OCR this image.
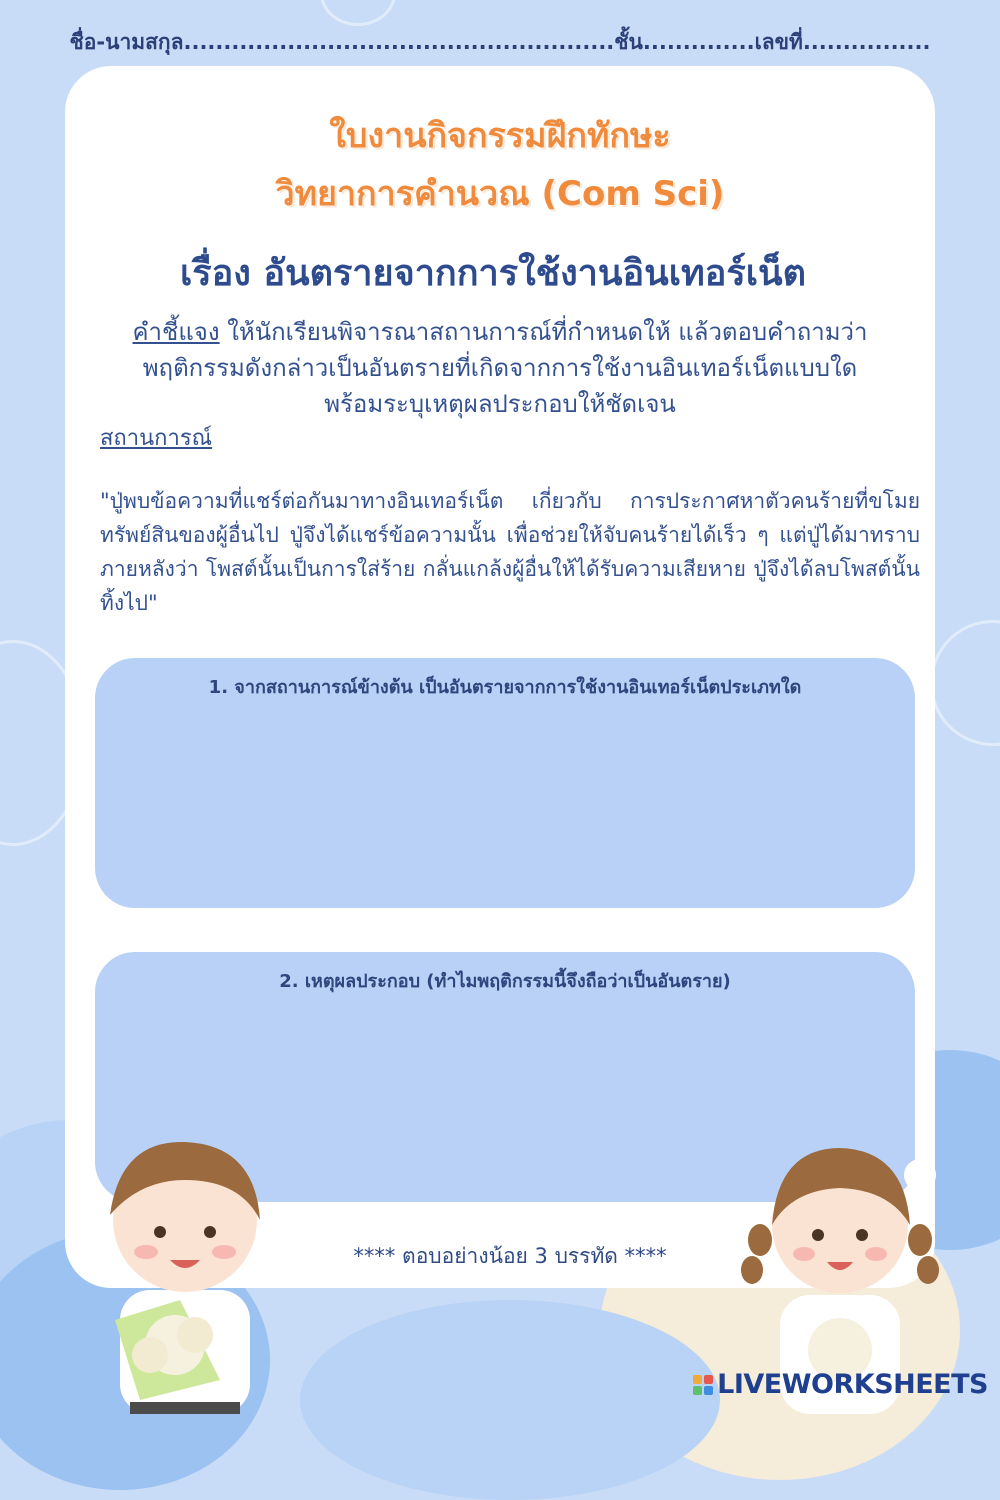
ชื่อ-นามสกุล......................................................ชั้น..............เลขที่................
ใบงานกิจกรรมฝึกทักษะ
วิทยาการคำนวณ (Com Sci)
เรื่อง อันตรายจากการใช้งานอินเทอร์เน็ต
คำชี้แจง ให้นักเรียนพิจารณาสถานการณ์ที่กำหนดให้ แล้วตอบคำถามว่า
พฤติกรรมดังกล่าวเป็นอันตรายที่เกิดจากการใช้งานอินเทอร์เน็ตแบบใด
พร้อมระบุเหตุผลประกอบให้ชัดเจน
สถานการณ์
"ปู่พบข้อความที่แชร์ต่อกันมาทางอินเทอร์เน็ต เกี่ยวกับ การประกาศหาตัวคนร้ายที่ขโมยทรัพย์สินของผู้อื่นไป ปู่จึงได้แชร์ข้อความนั้น เพื่อช่วยให้จับคนร้ายได้เร็ว ๆ แต่ปู่ได้มาทราบภายหลังว่า โพสต์นั้นเป็นการใส่ร้าย กลั่นแกล้งผู้อื่นให้ได้รับความเสียหาย ปู่จึงได้ลบโพสต์นั้นทิ้งไป"
1. จากสถานการณ์ข้างต้น เป็นอันตรายจากการใช้งานอินเทอร์เน็ตประเภทใด
2. เหตุผลประกอบ (ทำไมพฤติกรรมนี้จึงถือว่าเป็นอันตราย)
**** ตอบอย่างน้อย 3 บรรทัด ****
LIVEWORKSHEETS
